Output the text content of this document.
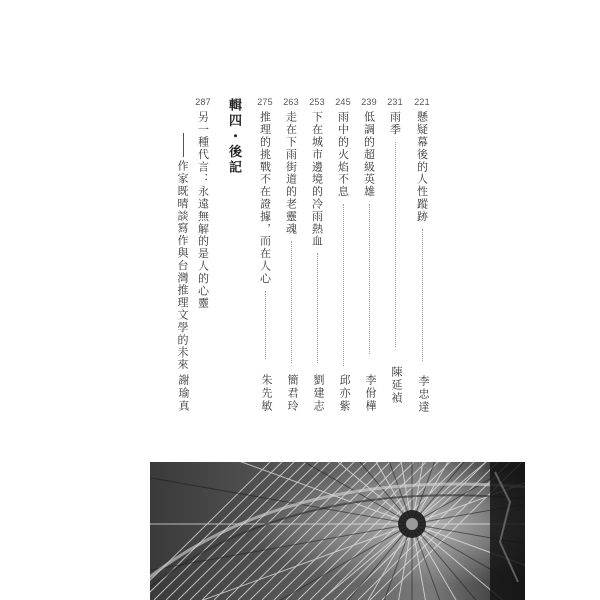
221
懸疑幕後的人性蹤跡
李忠達
231
雨季
陳延禎
239
低調的超級英雄
李佾樺
245
雨中的火焰不息
邱亦紫
253
下在城市邊境的冷雨熱血
劉建志
263
走在下雨街道的老靈魂
簡君玲
275
推理的挑戰不在證據，而在人心
朱先敏
輯四・後記
287
另一種代言：永遠無解的是人的心靈
作家既晴談寫作與台灣推理文學的未來
謝瑜真
